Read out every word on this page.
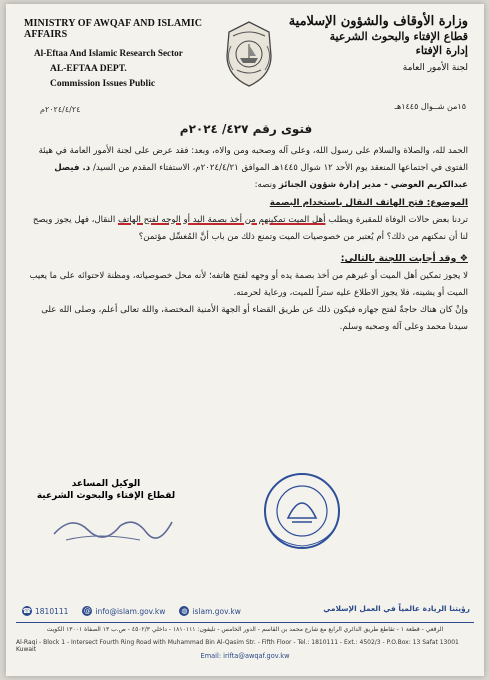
MINISTRY OF AWQAF AND ISLAMIC AFFAIRS
Al-Eftaa And Islamic Research Sector
AL-EFTAA DEPT.
Commission Issues Public
٢٠٢٤/٤/٢٤م
وزارة الأوقاف والشؤون الإسلامية
قطاع الإفتاء والبحوث الشرعية
إدارة الإفتاء
لجنة الأمور العامة
١٥من شــوال ١٤٤٥هـ
فتوى رقم ٤٢٧/ ٢٠٢٤م
الحمد لله، والصلاة والسلام على رسول الله، وعلى آله وصحبه ومن والاه، وبعد: فقد عرض على لجنة الأمور العامة في هيئة الفتوى في اجتماعها المنعقد يوم الأحد ١٢ شوال ١٤٤٥هـ الموافق ٢٠٢٤/٤/٢١م، الاستفتاء المقدم من السيد/ د. فيصل عبدالكريم العوضي - مدير إدارة شؤون الجنائز ونصه:
الموضوع: فتح الهاتف النقال باستخدام البصمة
تردنا بعض حالات الوفاة للمقبرة ويطلب أهل الميت تمكينهم من أخذ بصمة اليد أو الوجه لفتح الهاتف النقال، فهل يجوز ويصح لنا أن نمكنهم من ذلك؟ أم يُعتبر من خصوصيات الميت وتمنع ذلك من باب أنَّ المُغسِّل مؤتمن؟
❖ وقد أجابت اللجنة بالتالي:
لا يجوز تمكين أهل الميت أو غيرهم من أخذ بصمة يده أو وجهه لفتح هاتفه؛ لأنه محل خصوصياته، ومظنة لاحتوائه على ما يعيب الميت أو يشينه، فلا يجوز الاطلاع عليه ستراً للميت، ورعاية لحرمته.
وإنْ كان هناك حاجةٌ لفتح جهازه فيكون ذلك عن طريق القضاء أو الجهة الأمنية المختصة، والله تعالى أعلم، وصلى الله على سيدنا محمد وعلى آله وصحبه وسلم.
الوكيل المساعد
لقطاع الإفتاء والبحوث الشرعية
☎ 1810111 @ info@islam.gov.kw ◍ islam.gov.kw	رؤيتنا الريادة عالمياً في العمل الإسلامي
الرقعي - قطعة ١ - تقاطع طريق الدائري الرابع مع شارع محمد بن القاسم - الدور الخامس - تليفون: ١٨١٠١١١ - داخلي ٤٥٠٢/٣ - ص.ب ١٣ الصفاة ١٣٠٠١ الكويت
Al-Raqi - Block 1 - Intersect Fourth Ring Road with Muhammad Bin Al-Qasim Str. - Fifth Floor - Tel.: 1810111 - Ext.: 4502/3 - P.O.Box: 13 Safat 13001 Kuwait
Email: irifta@awqaf.gov.kw
